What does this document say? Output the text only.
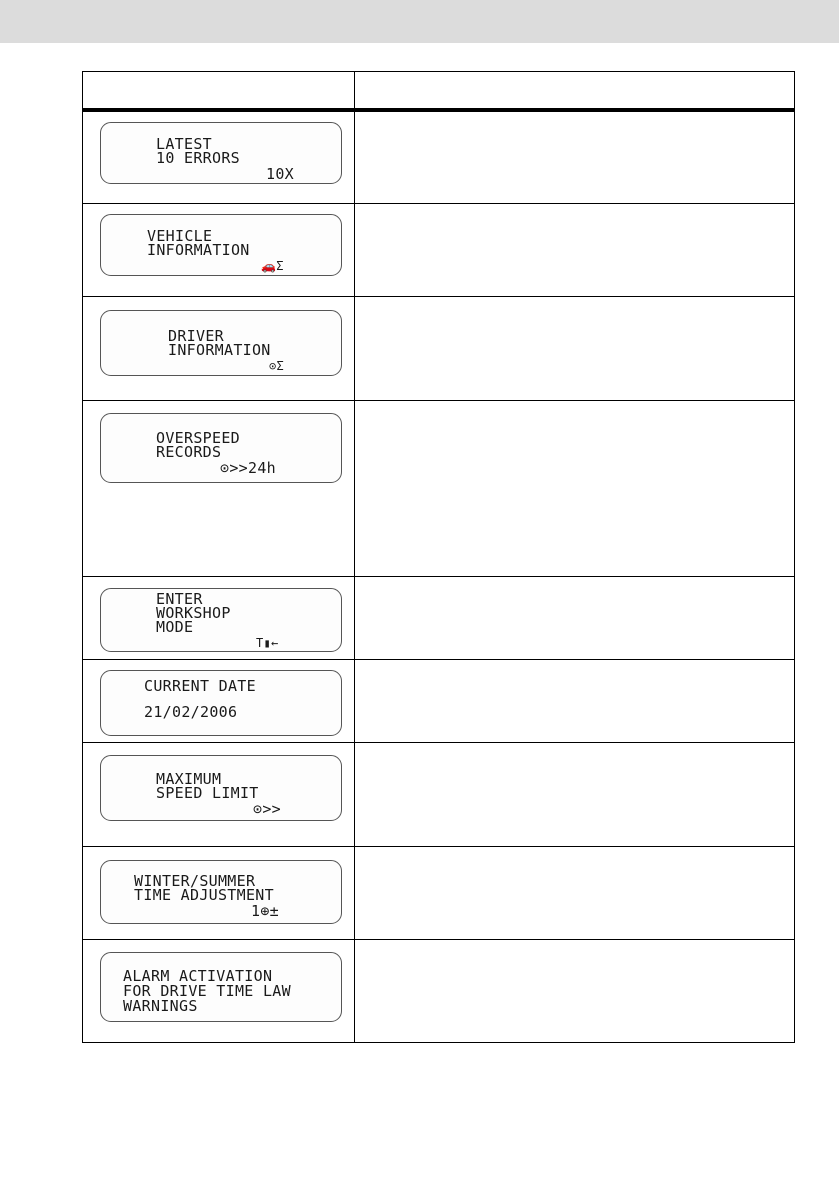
LATEST
10 ERRORS
10X	

VEHICLE
INFORMATION
🚗Σ	

DRIVER
INFORMATION
⊙Σ	

OVERSPEED
RECORDS
⊙>>24h	

ENTER
WORKSHOP
MODE
T▮←	

CURRENT DATE
21/02/2006	

MAXIMUM
SPEED LIMIT
⊙>>	

WINTER/SUMMER
TIME ADJUSTMENT
1⊕±	

ALARM ACTIVATION
FOR DRIVE TIME LAW
WARNINGS	
